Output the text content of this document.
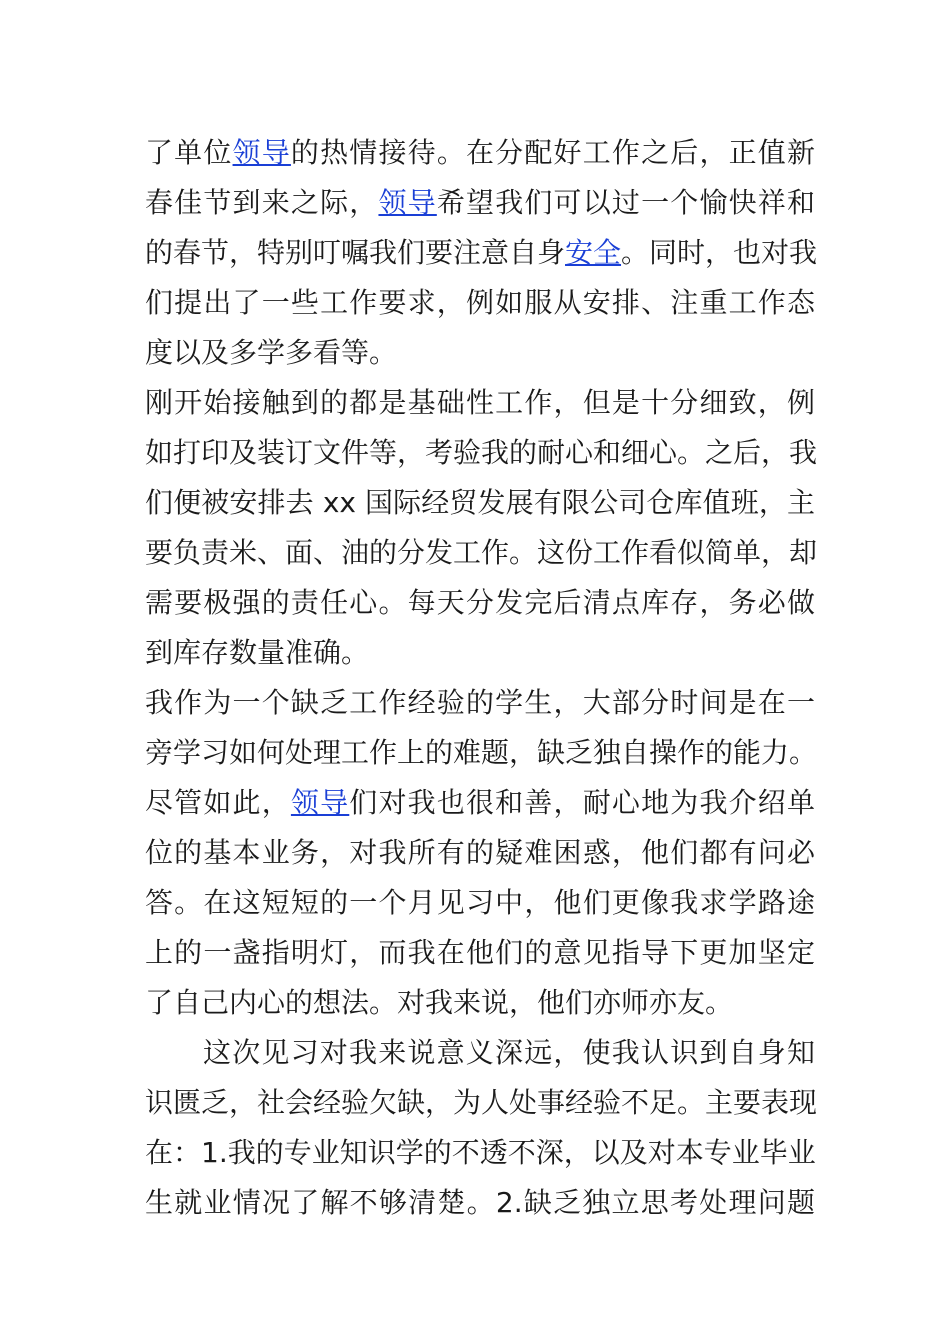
了单位领导的热情接待。在分配好工作之后，正值新
春佳节到来之际，领导希望我们可以过一个愉快祥和
的春节，特别叮嘱我们要注意自身安全。同时，也对我
们提出了一些工作要求，例如服从安排、注重工作态
度以及多学多看等。
刚开始接触到的都是基础性工作，但是十分细致，例
如打印及装订文件等，考验我的耐心和细心。之后，我
们便被安排去 xx 国际经贸发展有限公司仓库值班，主
要负责米、面、油的分发工作。这份工作看似简单，却
需要极强的责任心。每天分发完后清点库存，务必做
到库存数量准确。
我作为一个缺乏工作经验的学生，大部分时间是在一
旁学习如何处理工作上的难题，缺乏独自操作的能力。
尽管如此，领导们对我也很和善，耐心地为我介绍单
位的基本业务，对我所有的疑难困惑，他们都有问必
答。在这短短的一个月见习中，他们更像我求学路途
上的一盏指明灯，而我在他们的意见指导下更加坚定
了自己内心的想法。对我来说，他们亦师亦友。
这次见习对我来说意义深远，使我认识到自身知
识匮乏，社会经验欠缺，为人处事经验不足。主要表现
在：1.我的专业知识学的不透不深，以及对本专业毕业
生就业情况了解不够清楚。2.缺乏独立思考处理问题
